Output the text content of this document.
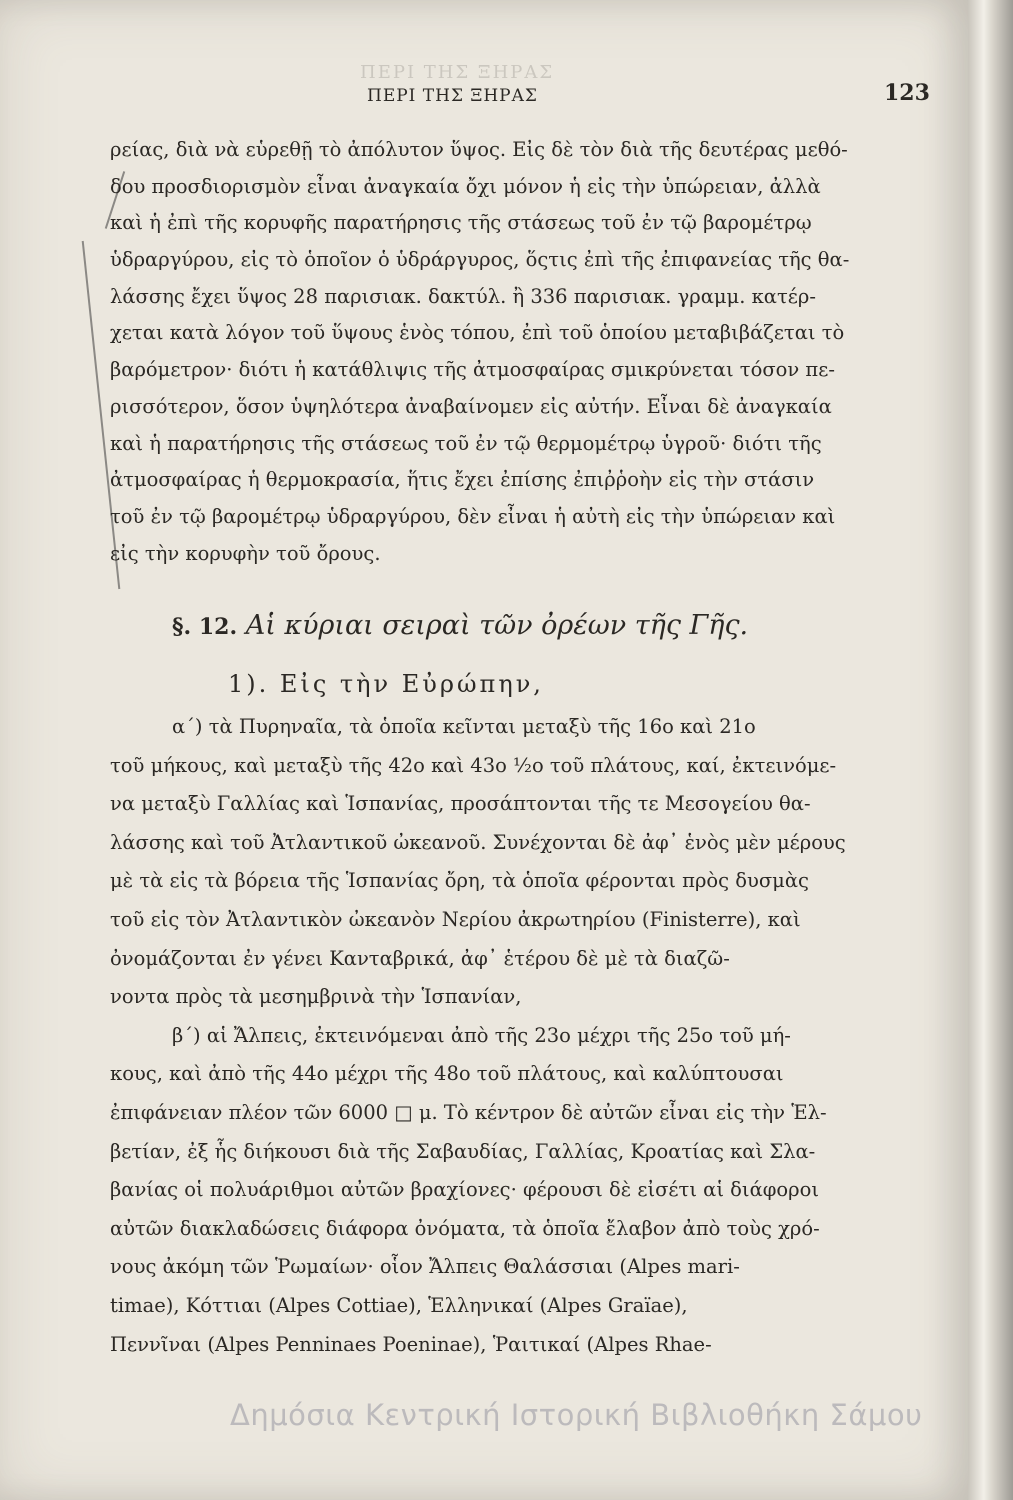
ΠΕΡΙ ΤΗΣ ΞΗΡΑΣ
ΠΕΡΙ ΤΗΣ ΞΗΡΑΣ	123
ρείας, διὰ νὰ εὑρεθῇ τὸ ἀπόλυτον ὕψος. Εἰς δὲ τὸν διὰ τῆς δευτέρας μεθό-
δου προσδιορισμὸν εἶναι ἀναγκαία ὄχι μόνον ἡ εἰς τὴν ὑπώρειαν, ἀλλὰ
καὶ ἡ ἐπὶ τῆς κορυφῆς παρατήρησις τῆς στάσεως τοῦ ἐν τῷ βαρομέτρῳ
ὑδραργύρου, εἰς τὸ ὁποῖον ὁ ὑδράργυρος, ὅςτις ἐπὶ τῆς ἐπιφανείας τῆς θα-
λάσσης ἔχει ὕψος 28 παρισιακ. δακτύλ. ἢ 336 παρισιακ. γραμμ. κατέρ-
χεται κατὰ λόγον τοῦ ὕψους ἑνὸς τόπου, ἐπὶ τοῦ ὁποίου μεταβιβάζεται τὸ
βαρόμετρον· διότι ἡ κατάθλιψις τῆς ἀτμοσφαίρας σμικρύνεται τόσον πε-
ρισσότερον, ὅσον ὑψηλότερα ἀναβαίνομεν εἰς αὐτήν. Εἶναι δὲ ἀναγκαία
καὶ ἡ παρατήρησις τῆς στάσεως τοῦ ἐν τῷ θερμομέτρῳ ὑγροῦ· διότι τῆς
ἀτμοσφαίρας ἡ θερμοκρασία, ἥτις ἔχει ἐπίσης ἐπιῤῥοὴν εἰς τὴν στάσιν
τοῦ ἐν τῷ βαρομέτρῳ ὑδραργύρου, δὲν εἶναι ἡ αὐτὴ εἰς τὴν ὑπώρειαν καὶ
εἰς τὴν κορυφὴν τοῦ ὄρους.
§. 12. Αἱ κύριαι σειραὶ τῶν ὀρέων τῆς Γῆς.
1). Εἰς τὴν Εὐρώπην,
α΄) τὰ Πυρηναῖα, τὰ ὁποῖα κεῖνται μεταξὺ τῆς 16ο καὶ 21ο
τοῦ μήκους, καὶ μεταξὺ τῆς 42ο καὶ 43ο ½ο τοῦ πλάτους, καί, ἐκτεινόμε-
να μεταξὺ Γαλλίας καὶ Ἱσπανίας, προσάπτονται τῆς τε Μεσογείου θα-
λάσσης καὶ τοῦ Ἀτλαντικοῦ ὠκεανοῦ. Συνέχονται δὲ ἀφ᾽ ἑνὸς μὲν μέρους
μὲ τὰ εἰς τὰ βόρεια τῆς Ἱσπανίας ὄρη, τὰ ὁποῖα φέρονται πρὸς δυσμὰς
τοῦ εἰς τὸν Ἀτλαντικὸν ὠκεανὸν Νερίου ἀκρωτηρίου (Finisterre), καὶ
ὀνομάζονται ἐν γένει Κανταβρικά, ἀφ᾽ ἑτέρου δὲ μὲ τὰ διαζῶ-
νοντα πρὸς τὰ μεσημβρινὰ τὴν Ἱσπανίαν,
β΄) αἱ Ἄλπεις, ἐκτεινόμεναι ἀπὸ τῆς 23ο μέχρι τῆς 25ο τοῦ μή-
κους, καὶ ἀπὸ τῆς 44ο μέχρι τῆς 48ο τοῦ πλάτους, καὶ καλύπτουσαι
ἐπιφάνειαν πλέον τῶν 6000 □ μ. Τὸ κέντρον δὲ αὐτῶν εἶναι εἰς τὴν Ἑλ-
βετίαν, ἐξ ἧς διήκουσι διὰ τῆς Σαβαυδίας, Γαλλίας, Κροατίας καὶ Σλα-
βανίας οἱ πολυάριθμοι αὐτῶν βραχίονες· φέρουσι δὲ εἰσέτι αἱ διάφοροι
αὐτῶν διακλαδώσεις διάφορα ὀνόματα, τὰ ὁποῖα ἔλαβον ἀπὸ τοὺς χρό-
νους ἀκόμη τῶν Ῥωμαίων· οἷον Ἄλπεις Θαλάσσιαι (Alpes mari-
timae), Κόττιαι (Alpes Cottiae), Ἑλληνικαί (Alpes Graïae),
Πεννῖναι (Alpes Penninaes Poeninae), Ῥαιτικαί (Alpes Rhae-
Δημόσια Κεντρική Ιστορική Βιβλιοθήκη Σάμου
